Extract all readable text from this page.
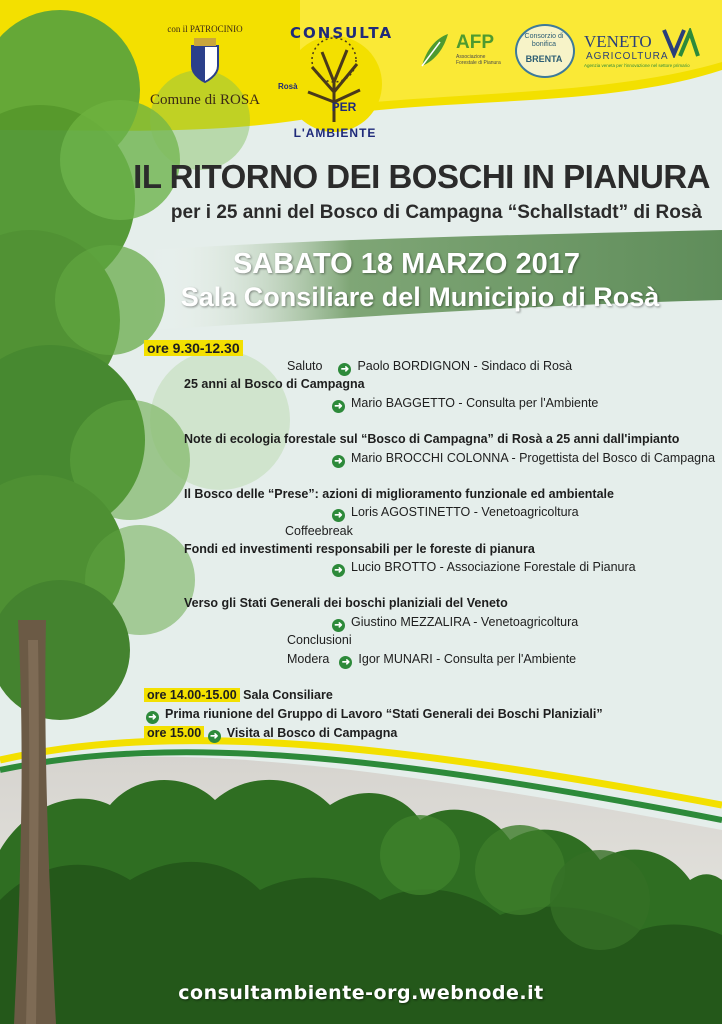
con il PATROCINIO
Comune di ROSA
CONSULTA
PER
L'AMBIENTE
Rosà
AFP
Associazione Forestale di Pianura
Consorzio di bonifica
BRENTA
VENETO
AGRICOLTURA
Agenzia veneta per l'innovazione nel settore primario
IL RITORNO DEI BOSCHI IN PIANURA
per i 25 anni del Bosco di Campagna “Schallstadt” di Rosà
SABATO 18 MARZO 2017
Sala Consiliare del Municipio di Rosà
ore 9.30-12.30
Saluto ➜ Paolo BORDIGNON - Sindaco di Rosà
25 anni al Bosco di Campagna
➜ Mario BAGGETTO - Consulta per l'Ambiente
Note di ecologia forestale sul “Bosco di Campagna” di Rosà a 25 anni dall'impianto
➜ Mario BROCCHI COLONNA - Progettista del Bosco di Campagna
Il Bosco delle “Prese”: azioni di miglioramento funzionale ed ambientale
➜ Loris AGOSTINETTO - Venetoagricoltura
Coffeebreak
Fondi ed investimenti responsabili per le foreste di pianura
➜ Lucio BROTTO - Associazione Forestale di Pianura
Verso gli Stati Generali dei boschi planiziali del Veneto
➜ Giustino MEZZALIRA - Venetoagricoltura
Conclusioni
Modera ➜ Igor MUNARI - Consulta per l'Ambiente
ore 14.00-15.00 Sala Consiliare
➜ Prima riunione del Gruppo di Lavoro “Stati Generali dei Boschi Planiziali”
ore 15.00 ➜ Visita al Bosco di Campagna
consultambiente-org.webnode.it
